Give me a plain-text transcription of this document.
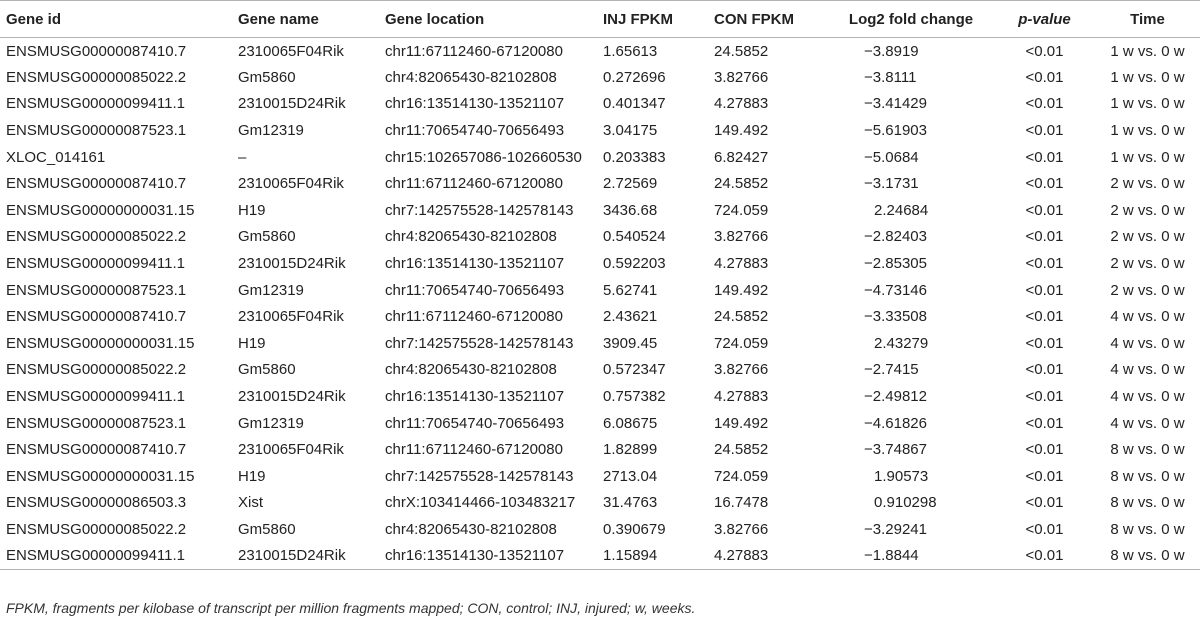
Gene id	Gene name	Gene location	INJ FPKM	CON FPKM	Log2 fold change	p-value	Time
ENSMUSG00000087410.7	2310065F04Rik	chr11:67112460-67120080	1.65613	24.5852	−3.8919	<0.01	1 w vs. 0 w
ENSMUSG00000085022.2	Gm5860	chr4:82065430-82102808	0.272696	3.82766	−3.8111	<0.01	1 w vs. 0 w
ENSMUSG00000099411.1	2310015D24Rik	chr16:13514130-13521107	0.401347	4.27883	−3.41429	<0.01	1 w vs. 0 w
ENSMUSG00000087523.1	Gm12319	chr11:70654740-70656493	3.04175	149.492	−5.61903	<0.01	1 w vs. 0 w
XLOC_014161	–	chr15:102657086-102660530	0.203383	6.82427	−5.0684	<0.01	1 w vs. 0 w
ENSMUSG00000087410.7	2310065F04Rik	chr11:67112460-67120080	2.72569	24.5852	−3.1731	<0.01	2 w vs. 0 w
ENSMUSG00000000031.15	H19	chr7:142575528-142578143	3436.68	724.059	2.24684	<0.01	2 w vs. 0 w
ENSMUSG00000085022.2	Gm5860	chr4:82065430-82102808	0.540524	3.82766	−2.82403	<0.01	2 w vs. 0 w
ENSMUSG00000099411.1	2310015D24Rik	chr16:13514130-13521107	0.592203	4.27883	−2.85305	<0.01	2 w vs. 0 w
ENSMUSG00000087523.1	Gm12319	chr11:70654740-70656493	5.62741	149.492	−4.73146	<0.01	2 w vs. 0 w
ENSMUSG00000087410.7	2310065F04Rik	chr11:67112460-67120080	2.43621	24.5852	−3.33508	<0.01	4 w vs. 0 w
ENSMUSG00000000031.15	H19	chr7:142575528-142578143	3909.45	724.059	2.43279	<0.01	4 w vs. 0 w
ENSMUSG00000085022.2	Gm5860	chr4:82065430-82102808	0.572347	3.82766	−2.7415	<0.01	4 w vs. 0 w
ENSMUSG00000099411.1	2310015D24Rik	chr16:13514130-13521107	0.757382	4.27883	−2.49812	<0.01	4 w vs. 0 w
ENSMUSG00000087523.1	Gm12319	chr11:70654740-70656493	6.08675	149.492	−4.61826	<0.01	4 w vs. 0 w
ENSMUSG00000087410.7	2310065F04Rik	chr11:67112460-67120080	1.82899	24.5852	−3.74867	<0.01	8 w vs. 0 w
ENSMUSG00000000031.15	H19	chr7:142575528-142578143	2713.04	724.059	1.90573	<0.01	8 w vs. 0 w
ENSMUSG00000086503.3	Xist	chrX:103414466-103483217	31.4763	16.7478	0.910298	<0.01	8 w vs. 0 w
ENSMUSG00000085022.2	Gm5860	chr4:82065430-82102808	0.390679	3.82766	−3.29241	<0.01	8 w vs. 0 w
ENSMUSG00000099411.1	2310015D24Rik	chr16:13514130-13521107	1.15894	4.27883	−1.8844	<0.01	8 w vs. 0 w
FPKM, fragments per kilobase of transcript per million fragments mapped; CON, control; INJ, injured; w, weeks.
